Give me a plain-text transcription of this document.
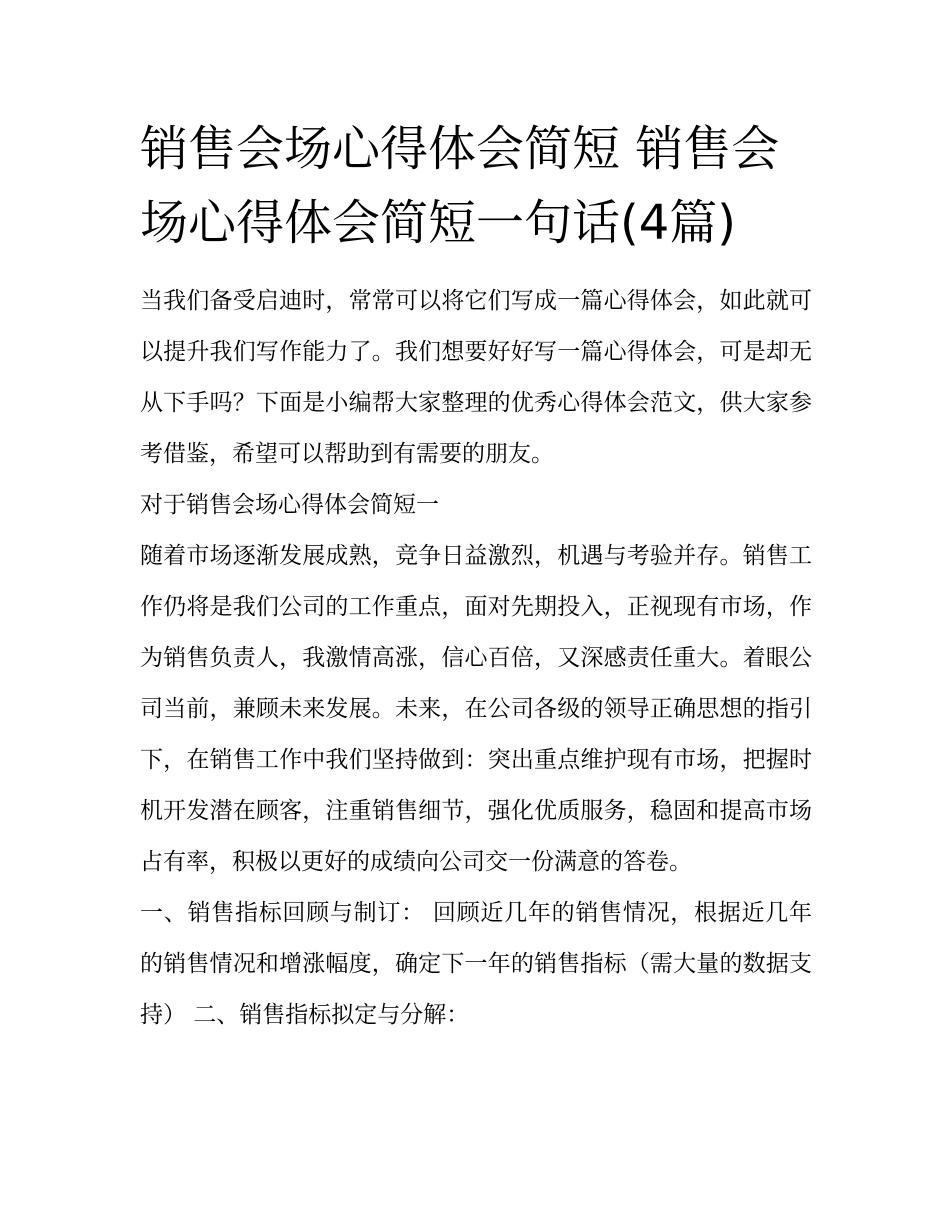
销售会场心得体会简短 销售会场心得体会简短一句话(4篇)

当我们备受启迪时，常常可以将它们写成一篇心得体会，如此就可以提升我们写作能力了。我们想要好好写一篇心得体会，可是却无从下手吗？下面是小编帮大家整理的优秀心得体会范文，供大家参考借鉴，希望可以帮助到有需要的朋友。

对于销售会场心得体会简短一

随着市场逐渐发展成熟，竞争日益激烈，机遇与考验并存。销售工作仍将是我们公司的工作重点，面对先期投入，正视现有市场，作为销售负责人，我激情高涨，信心百倍，又深感责任重大。着眼公司当前，兼顾未来发展。未来，在公司各级的领导正确思想的指引下，在销售工作中我们坚持做到：突出重点维护现有市场，把握时机开发潜在顾客，注重销售细节，强化优质服务，稳固和提高市场占有率，积极以更好的成绩向公司交一份满意的答卷。

一、销售指标回顾与制订： 回顾近几年的销售情况，根据近几年的销售情况和增涨幅度，确定下一年的销售指标（需大量的数据支持） 二、销售指标拟定与分解：
